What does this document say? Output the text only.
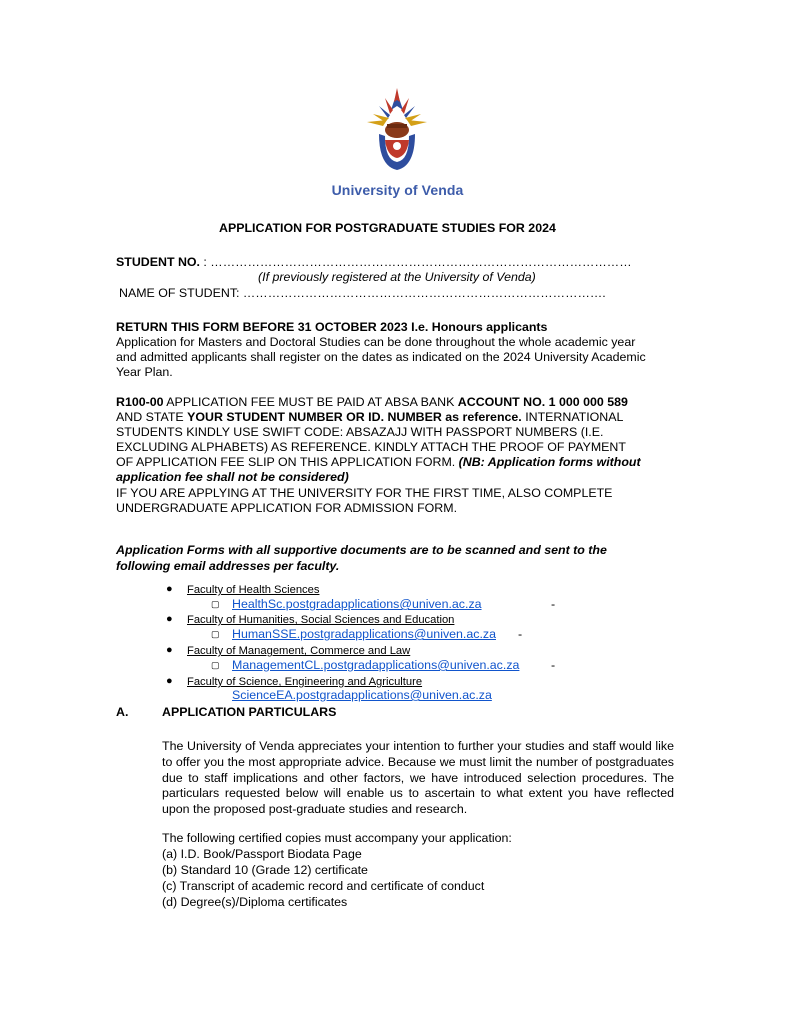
University of Venda
APPLICATION FOR POSTGRADUATE STUDIES FOR 2024
STUDENT NO. : …………………………………………………………………………………………
(If previously registered at the University of Venda)
NAME OF STUDENT: …………………………………………………………………………….
RETURN THIS FORM BEFORE 31 OCTOBER 2023 I.e. Honours applicants
Application for Masters and Doctoral Studies can be done throughout the whole academic year
and admitted applicants shall register on the dates as indicated on the 2024 University Academic
Year Plan.
R100-00 APPLICATION FEE MUST BE PAID AT ABSA BANK ACCOUNT NO. 1 000 000 589
AND STATE YOUR STUDENT NUMBER OR ID. NUMBER as reference. INTERNATIONAL
STUDENTS KINDLY USE SWIFT CODE: ABSAZAJJ WITH PASSPORT NUMBERS (I.E.
EXCLUDING ALPHABETS) AS REFERENCE. KINDLY ATTACH THE PROOF OF PAYMENT
OF APPLICATION FEE SLIP ON THIS APPLICATION FORM. (NB: Application forms without
application fee shall not be considered)
IF YOU ARE APPLYING AT THE UNIVERSITY FOR THE FIRST TIME, ALSO COMPLETE
UNDERGRADUATE APPLICATION FOR ADMISSION FORM.
Application Forms with all supportive documents are to be scanned and sent to the
following email addresses per faculty.
● Faculty of Health Sciences
▢ HealthSc.postgradapplications@univen.ac.za	-
● Faculty of Humanities, Social Sciences and Education
▢ HumanSSE.postgradapplications@univen.ac.za -
● Faculty of Management, Commerce and Law
▢ ManagementCL.postgradapplications@univen.ac.za	-
● Faculty of Science, Engineering and Agriculture
ScienceEA.postgradapplications@univen.ac.za
A.	APPLICATION PARTICULARS
The University of Venda appreciates your intention to further your studies and staff would like to offer you the most appropriate advice. Because we must limit the number of postgraduates due to staff implications and other factors, we have introduced selection procedures. The particulars requested below will enable us to ascertain to what extent you have reflected upon the proposed post-graduate studies and research.
The following certified copies must accompany your application:
(a) I.D. Book/Passport Biodata Page
(b) Standard 10 (Grade 12) certificate
(c) Transcript of academic record and certificate of conduct
(d) Degree(s)/Diploma certificates
